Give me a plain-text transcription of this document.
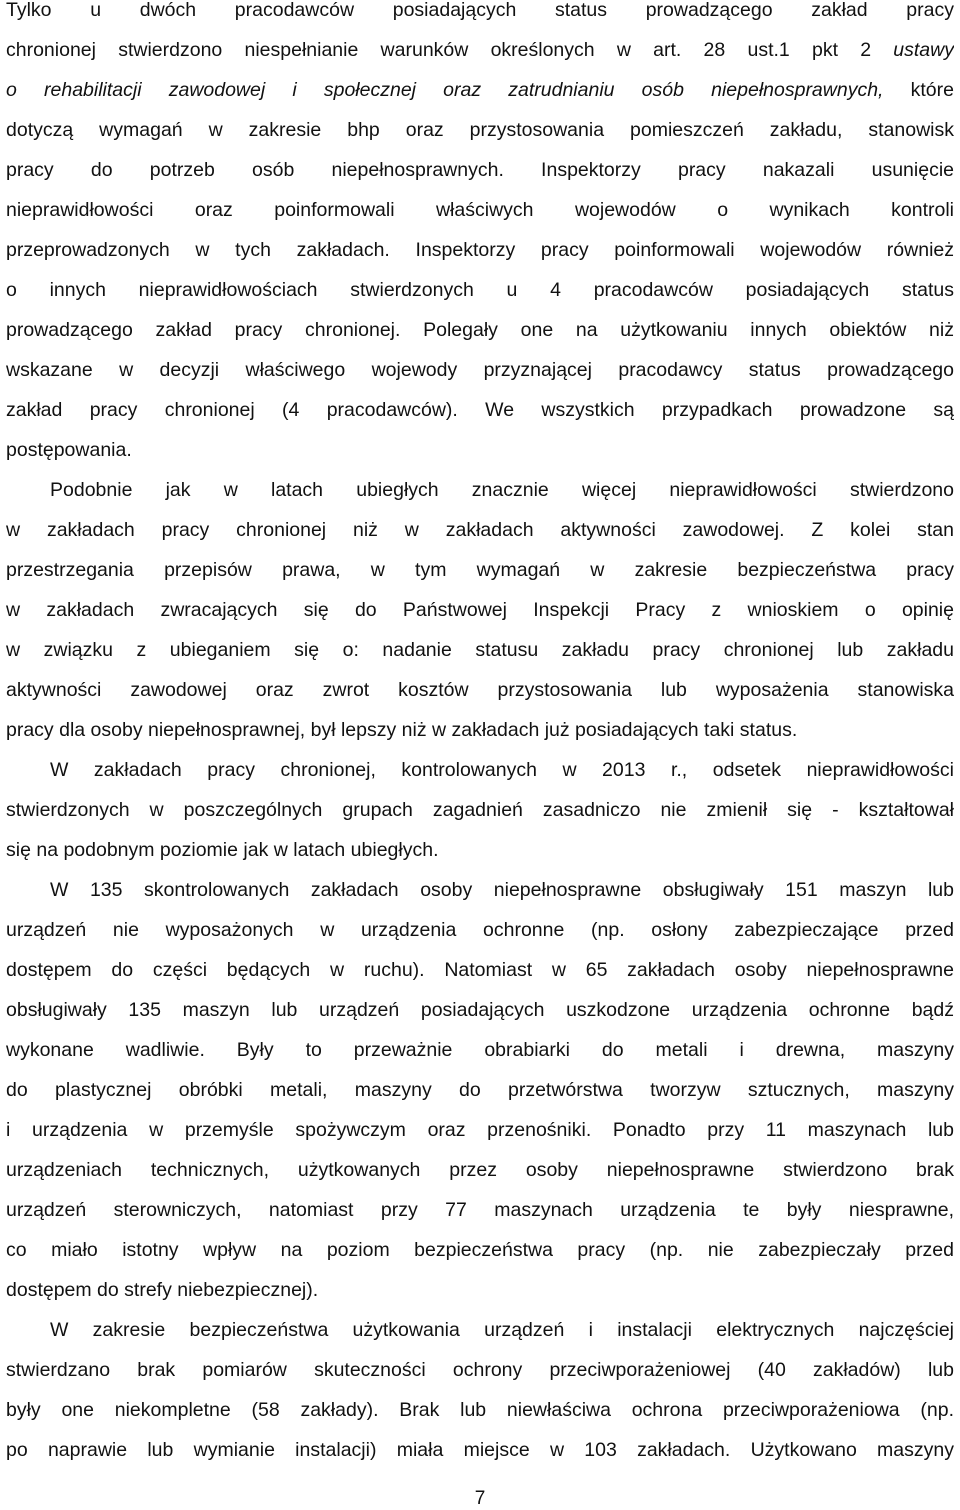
Tylko u dwóch pracodawców posiadających status prowadzącego zakład pracy
chronionej stwierdzono niespełnianie warunków określonych w art. 28 ust.1 pkt 2 ustawy
o rehabilitacji zawodowej i społecznej oraz zatrudnianiu osób niepełnosprawnych, które
dotyczą wymagań w zakresie bhp oraz przystosowania pomieszczeń zakładu, stanowisk
pracy do potrzeb osób niepełnosprawnych. Inspektorzy pracy nakazali usunięcie
nieprawidłowości oraz poinformowali właściwych wojewodów o wynikach kontroli
przeprowadzonych w tych zakładach. Inspektorzy pracy poinformowali wojewodów również
o innych nieprawidłowościach stwierdzonych u 4 pracodawców posiadających status
prowadzącego zakład pracy chronionej. Polegały one na użytkowaniu innych obiektów niż
wskazane w decyzji właściwego wojewody przyznającej pracodawcy status prowadzącego
zakład pracy chronionej (4 pracodawców). We wszystkich przypadkach prowadzone są
postępowania.
Podobnie jak w latach ubiegłych znacznie więcej nieprawidłowości stwierdzono
w zakładach pracy chronionej niż w zakładach aktywności zawodowej. Z kolei stan
przestrzegania przepisów prawa, w tym wymagań w zakresie bezpieczeństwa pracy
w zakładach zwracających się do Państwowej Inspekcji Pracy z wnioskiem o opinię
w związku z ubieganiem się o: nadanie statusu zakładu pracy chronionej lub zakładu
aktywności zawodowej oraz zwrot kosztów przystosowania lub wyposażenia stanowiska
pracy dla osoby niepełnosprawnej, był lepszy niż w zakładach już posiadających taki status.
W zakładach pracy chronionej, kontrolowanych w 2013 r., odsetek nieprawidłowości
stwierdzonych w poszczególnych grupach zagadnień zasadniczo nie zmienił się - kształtował
się na podobnym poziomie jak w latach ubiegłych.
W 135 skontrolowanych zakładach osoby niepełnosprawne obsługiwały 151 maszyn lub
urządzeń nie wyposażonych w urządzenia ochronne (np. osłony zabezpieczające przed
dostępem do części będących w ruchu). Natomiast w 65 zakładach osoby niepełnosprawne
obsługiwały 135 maszyn lub urządzeń posiadających uszkodzone urządzenia ochronne bądź
wykonane wadliwie. Były to przeważnie obrabiarki do metali i drewna, maszyny
do plastycznej obróbki metali, maszyny do przetwórstwa tworzyw sztucznych, maszyny
i urządzenia w przemyśle spożywczym oraz przenośniki. Ponadto przy 11 maszynach lub
urządzeniach technicznych, użytkowanych przez osoby niepełnosprawne stwierdzono brak
urządzeń sterowniczych, natomiast przy 77 maszynach urządzenia te były niesprawne,
co miało istotny wpływ na poziom bezpieczeństwa pracy (np. nie zabezpieczały przed
dostępem do strefy niebezpiecznej).
W zakresie bezpieczeństwa użytkowania urządzeń i instalacji elektrycznych najczęściej
stwierdzano brak pomiarów skuteczności ochrony przeciwporażeniowej (40 zakładów) lub
były one niekompletne (58 zakłady). Brak lub niewłaściwa ochrona przeciwporażeniowa (np.
po naprawie lub wymianie instalacji) miała miejsce w 103 zakładach. Użytkowano maszyny
7
